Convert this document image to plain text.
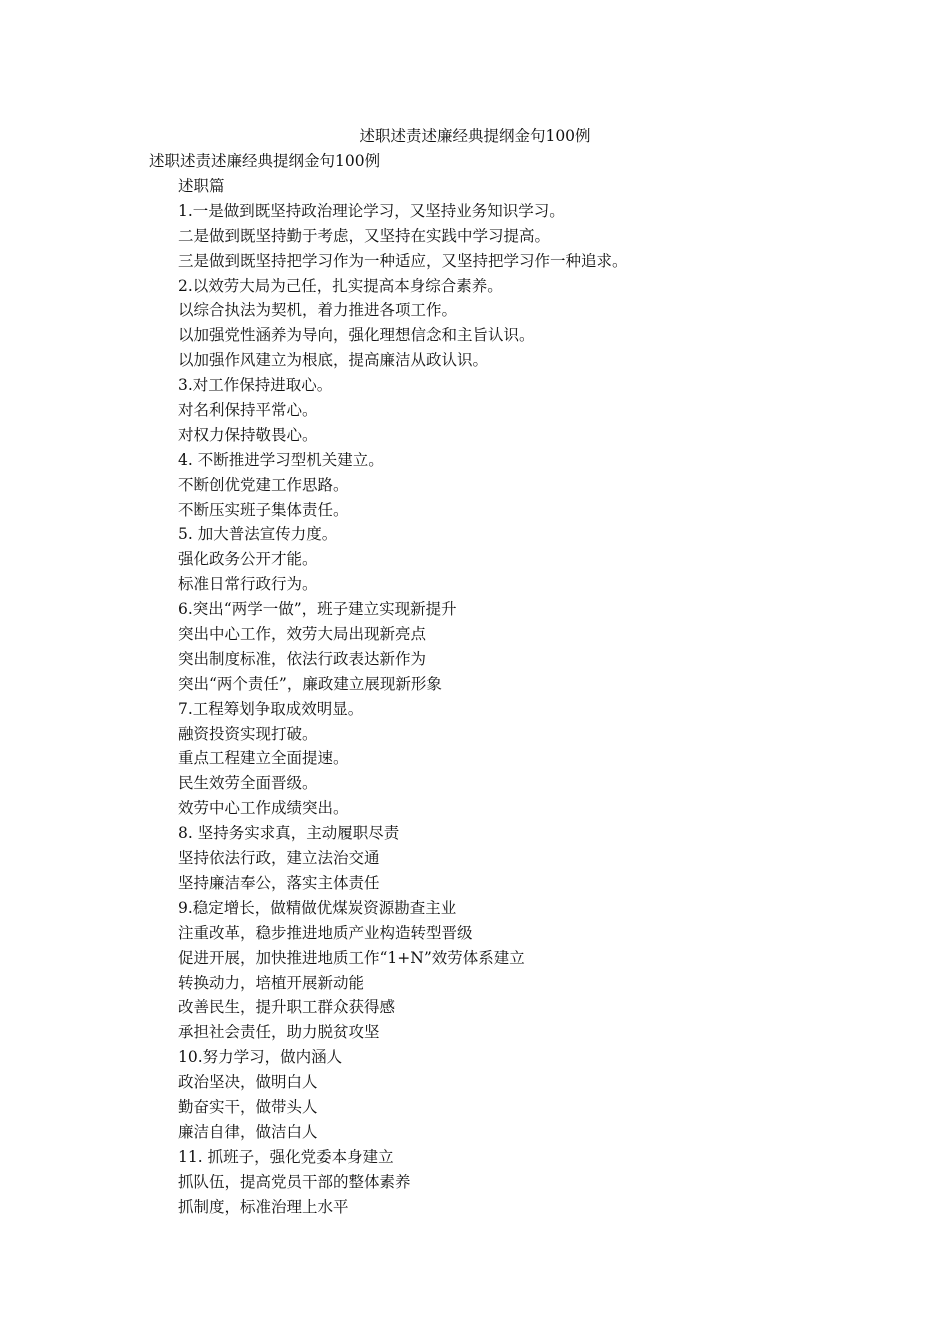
述职述责述廉经典提纲金句100例
述职述责述廉经典提纲金句100例
述职篇
1.一是做到既坚持政治理论学习，又坚持业务知识学习。
二是做到既坚持勤于考虑，又坚持在实践中学习提高。
三是做到既坚持把学习作为一种适应，又坚持把学习作一种追求。
2.以效劳大局为己任，扎实提高本身综合素养。
以综合执法为契机，着力推进各项工作。
以加强党性涵养为导向，强化理想信念和主旨认识。
以加强作风建立为根底，提高廉洁从政认识。
3.对工作保持进取心。
对名利保持平常心。
对权力保持敬畏心。
4. 不断推进学习型机关建立。
不断创优党建工作思路。
不断压实班子集体责任。
5. 加大普法宣传力度。
强化政务公开才能。
标准日常行政行为。
6.突出“两学一做”，班子建立实现新提升
突出中心工作，效劳大局出现新亮点
突出制度标准，依法行政表达新作为
突出“两个责任”，廉政建立展现新形象
7.工程筹划争取成效明显。
融资投资实现打破。
重点工程建立全面提速。
民生效劳全面晋级。
效劳中心工作成绩突出。
8. 坚持务实求真，主动履职尽责
坚持依法行政，建立法治交通
坚持廉洁奉公，落实主体责任
9.稳定增长，做精做优煤炭资源勘查主业
注重改革，稳步推进地质产业构造转型晋级
促进开展，加快推进地质工作“1+N”效劳体系建立
转换动力，培植开展新动能
改善民生，提升职工群众获得感
承担社会责任，助力脱贫攻坚
10.努力学习，做内涵人
政治坚决，做明白人
勤奋实干，做带头人
廉洁自律，做洁白人
11. 抓班子，强化党委本身建立
抓队伍，提高党员干部的整体素养
抓制度，标准治理上水平
